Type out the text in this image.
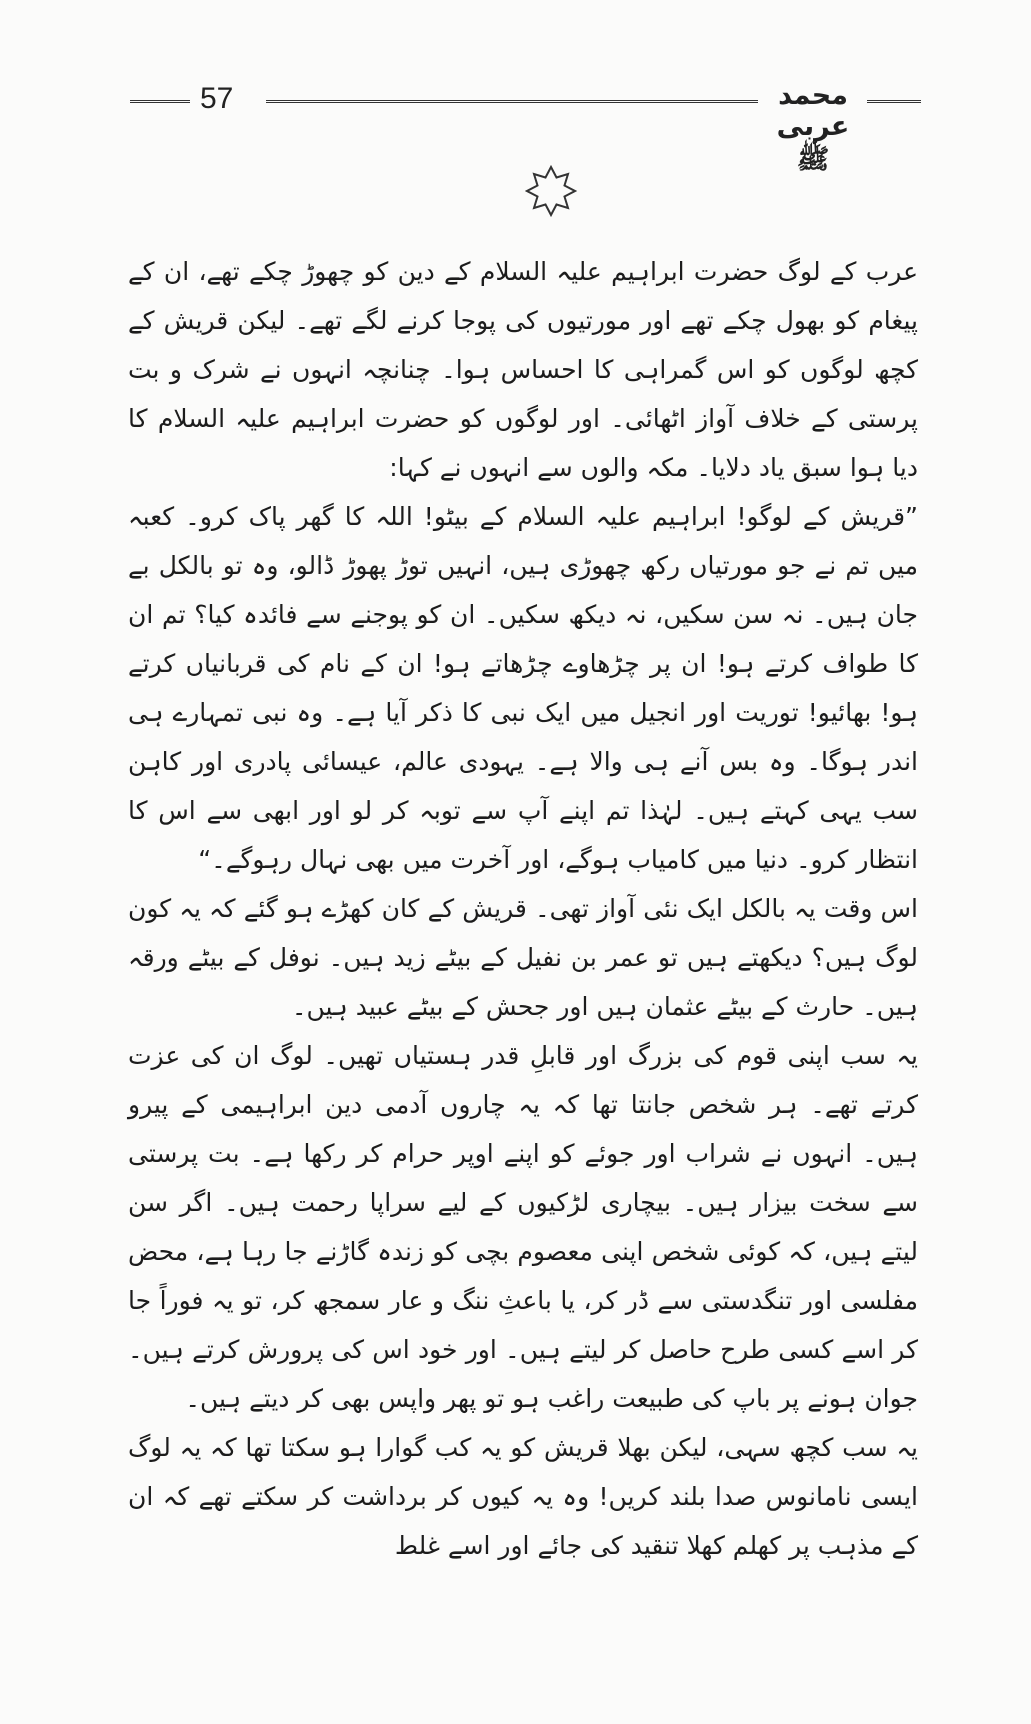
57	محمد عربی ﷺ

عرب کے لوگ حضرت ابراہیم علیہ السلام کے دین کو چھوڑ چکے تھے، ان کے پیغام کو بھول چکے تھے اور مورتیوں کی پوجا کرنے لگے تھے۔ لیکن قریش کے کچھ لوگوں کو اس گمراہی کا احساس ہوا۔ چنانچہ انہوں نے شرک و بت پرستی کے خلاف آواز اٹھائی۔ اور لوگوں کو حضرت ابراہیم علیہ السلام کا دیا ہوا سبق یاد دلایا۔ مکہ والوں سے انہوں نے کہا:

”قریش کے لوگو! ابراہیم علیہ السلام کے بیٹو! اللہ کا گھر پاک کرو۔ کعبہ میں تم نے جو مورتیاں رکھ چھوڑی ہیں، انہیں توڑ پھوڑ ڈالو، وہ تو بالکل بے جان ہیں۔ نہ سن سکیں، نہ دیکھ سکیں۔ ان کو پوجنے سے فائدہ کیا؟ تم ان کا طواف کرتے ہو! ان پر چڑھاوے چڑھاتے ہو! ان کے نام کی قربانیاں کرتے ہو! بھائیو! توریت اور انجیل میں ایک نبی کا ذکر آیا ہے۔ وہ نبی تمہارے ہی اندر ہوگا۔ وہ بس آنے ہی والا ہے۔ یہودی عالم، عیسائی پادری اور کاہن سب یہی کہتے ہیں۔ لہٰذا تم اپنے آپ سے توبہ کر لو اور ابھی سے اس کا انتظار کرو۔ دنیا میں کامیاب ہوگے، اور آخرت میں بھی نہال رہوگے۔“

اس وقت یہ بالکل ایک نئی آواز تھی۔ قریش کے کان کھڑے ہو گئے کہ یہ کون لوگ ہیں؟ دیکھتے ہیں تو عمر بن نفیل کے بیٹے زید ہیں۔ نوفل کے بیٹے ورقہ ہیں۔ حارث کے بیٹے عثمان ہیں اور جحش کے بیٹے عبید ہیں۔

یہ سب اپنی قوم کی بزرگ اور قابلِ قدر ہستیاں تھیں۔ لوگ ان کی عزت کرتے تھے۔ ہر شخص جانتا تھا کہ یہ چاروں آدمی دین ابراہیمی کے پیرو ہیں۔ انہوں نے شراب اور جوئے کو اپنے اوپر حرام کر رکھا ہے۔ بت پرستی سے سخت بیزار ہیں۔ بیچاری لڑکیوں کے لیے سراپا رحمت ہیں۔ اگر سن لیتے ہیں، کہ کوئی شخص اپنی معصوم بچی کو زندہ گاڑنے جا رہا ہے، محض مفلسی اور تنگدستی سے ڈر کر، یا باعثِ ننگ و عار سمجھ کر، تو یہ فوراً جا کر اسے کسی طرح حاصل کر لیتے ہیں۔ اور خود اس کی پرورش کرتے ہیں۔ جوان ہونے پر باپ کی طبیعت راغب ہو تو پھر واپس بھی کر دیتے ہیں۔

یہ سب کچھ سہی، لیکن بھلا قریش کو یہ کب گوارا ہو سکتا تھا کہ یہ لوگ ایسی نامانوس صدا بلند کریں! وہ یہ کیوں کر برداشت کر سکتے تھے کہ ان کے مذہب پر کھلم کھلا تنقید کی جائے اور اسے غلط
